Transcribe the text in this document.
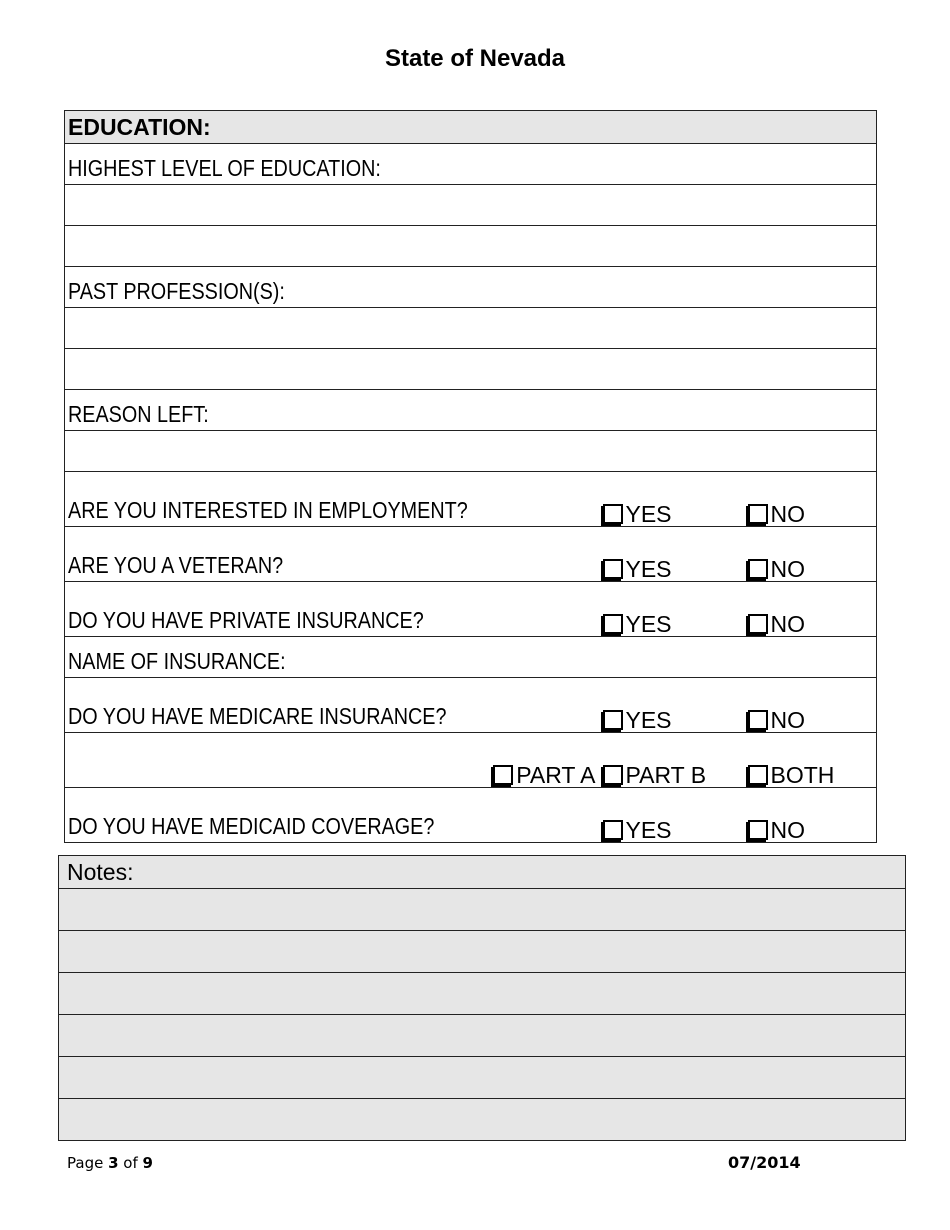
State of Nevada
EDUCATION:		
HIGHEST LEVEL OF EDUCATION:		

PAST PROFESSION(S):		

REASON LEFT:		

ARE YOU INTERESTED IN EMPLOYMENT?	YES	NO
ARE YOU A VETERAN?	YES	NO
DO YOU HAVE PRIVATE INSURANCE?	YES	NO
NAME OF INSURANCE:		
DO YOU HAVE MEDICARE INSURANCE?	YES	NO
PART A	PART B	BOTH
DO YOU HAVE MEDICAID COVERAGE?	YES	NO
Notes:

Page 3 of 9	07/2014
